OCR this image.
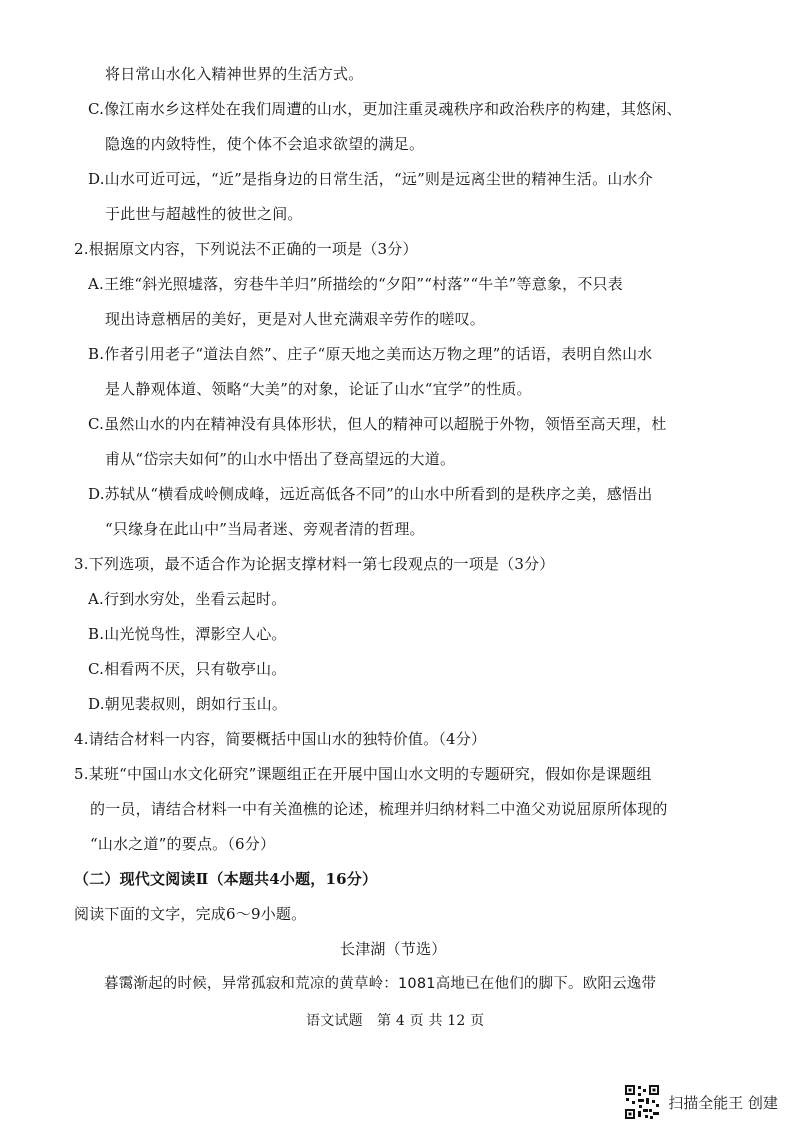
将日常山水化入精神世界的生活方式。
C.像江南水乡这样处在我们周遭的山水，更加注重灵魂秩序和政治秩序的构建，其悠闲、
隐逸的内敛特性，使个体不会追求欲望的满足。
D.山水可近可远，“近”是指身边的日常生活，“远”则是远离尘世的精神生活。山水介
于此世与超越性的彼世之间。
2.根据原文内容，下列说法不正确的一项是（3分）
A.王维“斜光照墟落，穷巷牛羊归”所描绘的“夕阳”“村落”“牛羊”等意象，不只表
现出诗意栖居的美好，更是对人世充满艰辛劳作的嗟叹。
B.作者引用老子“道法自然”、庄子“原天地之美而达万物之理”的话语，表明自然山水
是人静观体道、领略“大美”的对象，论证了山水“宜学”的性质。
C.虽然山水的内在精神没有具体形状，但人的精神可以超脱于外物，领悟至高天理，杜
甫从“岱宗夫如何”的山水中悟出了登高望远的大道。
D.苏轼从“横看成岭侧成峰，远近高低各不同”的山水中所看到的是秩序之美，感悟出
“只缘身在此山中”当局者迷、旁观者清的哲理。
3.下列选项，最不适合作为论据支撑材料一第七段观点的一项是（3分）
A.行到水穷处，坐看云起时。
B.山光悦鸟性，潭影空人心。
C.相看两不厌，只有敬亭山。
D.朝见裴叔则，朗如行玉山。
4.请结合材料一内容，简要概括中国山水的独特价值。（4分）
5.某班“中国山水文化研究”课题组正在开展中国山水文明的专题研究，假如你是课题组
的一员，请结合材料一中有关渔樵的论述，梳理并归纳材料二中渔父劝说屈原所体现的
“山水之道”的要点。（6分）
（二）现代文阅读Ⅱ（本题共4小题，16分）
阅读下面的文字，完成6～9小题。
长津湖（节选）
暮霭渐起的时候，异常孤寂和荒凉的黄草岭：1081高地已在他们的脚下。欧阳云逸带
语文试题　第 4 页 共 12 页
扫描全能王 创建
